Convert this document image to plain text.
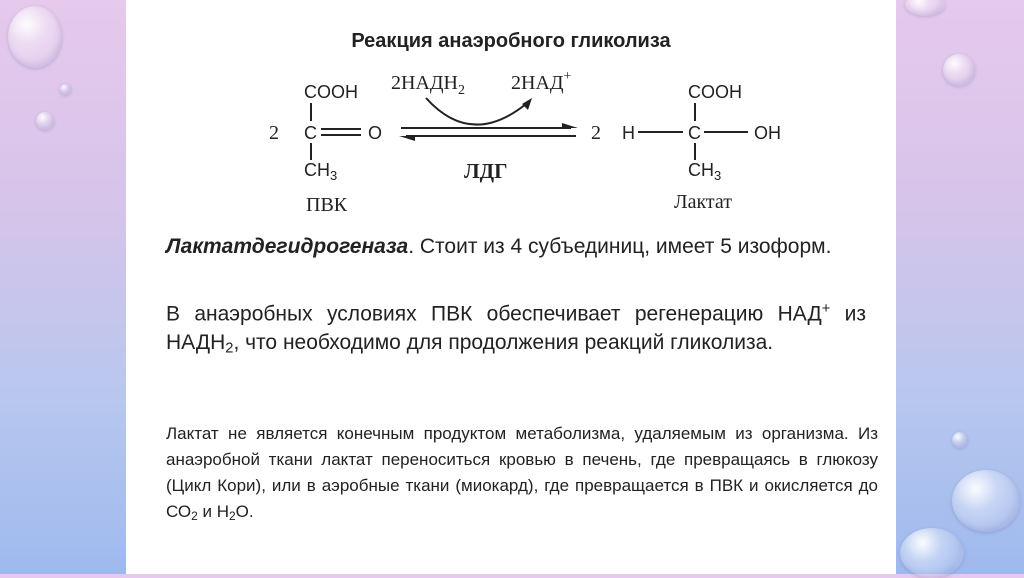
Реакция анаэробного гликолиза
2
COOH
C	O
$CH_3$
ПВК
$2НАДН_2$ 2НАД+
ЛДГ
2 H	C	OH
COOH
$CH_3$
Лактат
Лактатдегидрогеназа. Стоит из 4 субъединиц, имеет 5 изоформ.
В анаэробных условиях ПВК обеспечивает регенерацию НАД+ из $НАДН_2$, что необходимо для продолжения реакций гликолиза.
Лактат не является конечным продуктом метаболизма, удаляемым из организма. Из анаэробной ткани лактат переноситься кровью в печень, где превращаясь в глюкозу (Цикл Кори), или в аэробные ткани (миокард), где превращается в ПВК и окисляется до $СО_2$ и $Н_2О$.
